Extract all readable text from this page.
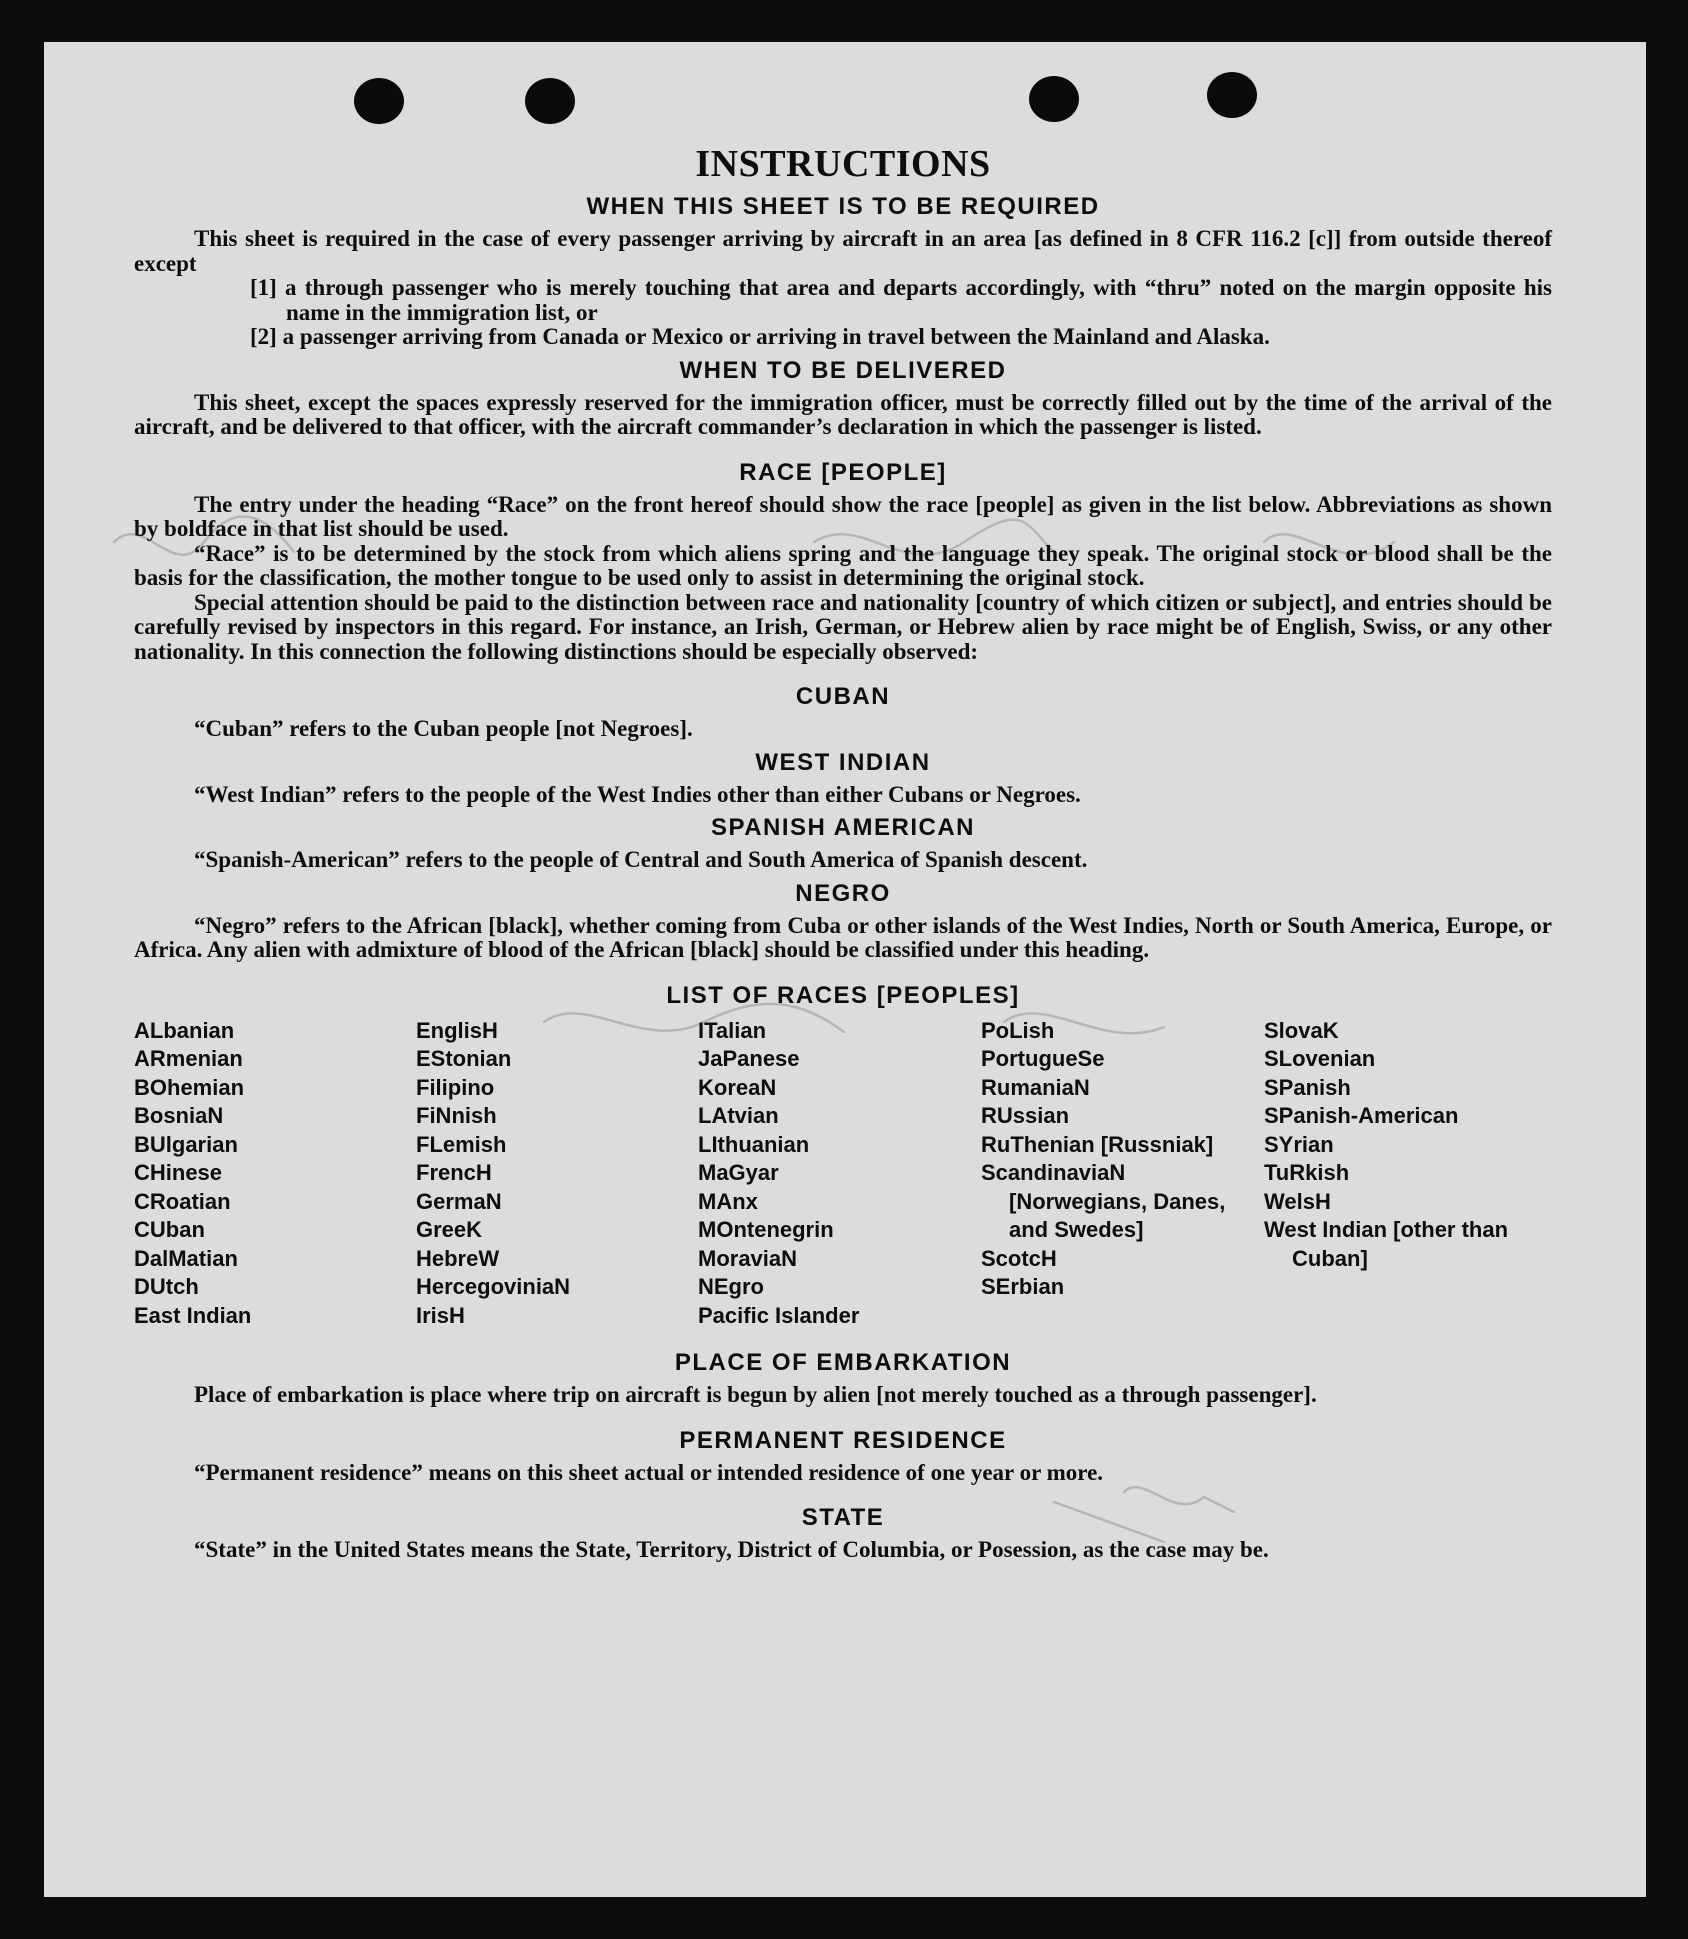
INSTRUCTIONS
WHEN THIS SHEET IS TO BE REQUIRED

This sheet is required in the case of every passenger arriving by aircraft in an area [as defined in 8 CFR 116.2 [c]] from outside thereof except

[1] a through passenger who is merely touching that area and departs accordingly, with “thru” noted on the margin opposite his name in the immigration list, or

[2] a passenger arriving from Canada or Mexico or arriving in travel between the Mainland and Alaska.

WHEN TO BE DELIVERED

This sheet, except the spaces expressly reserved for the immigration officer, must be correctly filled out by the time of the arrival of the aircraft, and be delivered to that officer, with the aircraft commander’s declaration in which the passenger is listed.

RACE [PEOPLE]

The entry under the heading “Race” on the front hereof should show the race [people] as given in the list below. Abbreviations as shown by boldface in that list should be used.

“Race” is to be determined by the stock from which aliens spring and the language they speak. The original stock or blood shall be the basis for the classification, the mother tongue to be used only to assist in determining the original stock.

Special attention should be paid to the distinction between race and nationality [country of which citizen or subject], and entries should be carefully revised by inspectors in this regard. For instance, an Irish, German, or Hebrew alien by race might be of English, Swiss, or any other nationality. In this connection the following distinctions should be especially observed:

CUBAN

“Cuban” refers to the Cuban people [not Negroes].

WEST INDIAN

“West Indian” refers to the people of the West Indies other than either Cubans or Negroes.

SPANISH AMERICAN

“Spanish-American” refers to the people of Central and South America of Spanish descent.

NEGRO

“Negro” refers to the African [black], whether coming from Cuba or other islands of the West Indies, North or South America, Europe, or Africa. Any alien with admixture of blood of the African [black] should be classified under this heading.

LIST OF RACES [PEOPLES]
ALbanian
ARmenian
BOhemian
BosniaN
BUlgarian
CHinese
CRoatian
CUban
DalMatian
DUtch
East Indian
EnglisH
EStonian
Filipino
FiNnish
FLemish
FrencH
GermaN
GreeK
HebreW
HercegoviniaN
IrisH
ITalian
JaPanese
KoreaN
LAtvian
LIthuanian
MaGyar
MAnx
MOntenegrin
MoraviaN
NEgro
Pacific Islander
PoLish
PortugueSe
RumaniaN
RUssian
RuThenian [Russniak]
ScandinaviaN [Norwegians, Danes, and Swedes]
ScotcH
SErbian
SlovaK
SLovenian
SPanish
SPanish-American
SYrian
TuRkish
WelsH
West Indian [other than Cuban]
PLACE OF EMBARKATION

Place of embarkation is place where trip on aircraft is begun by alien [not merely touched as a through passenger].

PERMANENT RESIDENCE

“Permanent residence” means on this sheet actual or intended residence of one year or more.

STATE

“State” in the United States means the State, Territory, District of Columbia, or Posession, as the case may be.
